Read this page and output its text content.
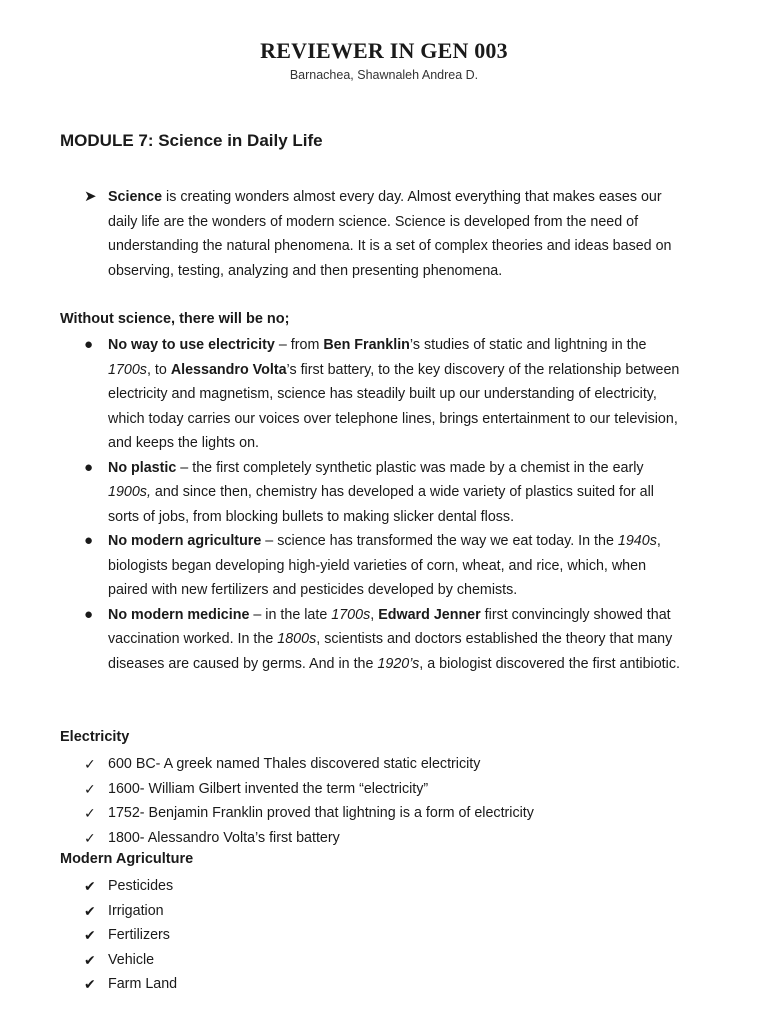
REVIEWER IN GEN 003
Barnachea, Shawnaleh Andrea D.
MODULE 7: Science in Daily Life
➤ Science is creating wonders almost every day. Almost everything that makes eases our daily life are the wonders of modern science. Science is developed from the need of understanding the natural phenomena. It is a set of complex theories and ideas based on observing, testing, analyzing and then presenting phenomena.
Without science, there will be no;
● No way to use electricity – from Ben Franklin’s studies of static and lightning in the 1700s, to Alessandro Volta’s first battery, to the key discovery of the relationship between electricity and magnetism, science has steadily built up our understanding of electricity, which today carries our voices over telephone lines, brings entertainment to our television, and keeps the lights on.
● No plastic – the first completely synthetic plastic was made by a chemist in the early 1900s, and since then, chemistry has developed a wide variety of plastics suited for all sorts of jobs, from blocking bullets to making slicker dental floss.
● No modern agriculture – science has transformed the way we eat today. In the 1940s, biologists began developing high-yield varieties of corn, wheat, and rice, which, when paired with new fertilizers and pesticides developed by chemists.
● No modern medicine – in the late 1700s, Edward Jenner first convincingly showed that vaccination worked. In the 1800s, scientists and doctors established the theory that many diseases are caused by germs. And in the 1920’s, a biologist discovered the first antibiotic.
Electricity
✓ 600 BC- A greek named Thales discovered static electricity
✓ 1600- William Gilbert invented the term “electricity”
✓ 1752- Benjamin Franklin proved that lightning is a form of electricity
✓ 1800- Alessandro Volta’s first battery
Modern Agriculture
✔ Pesticides
✔ Irrigation
✔ Fertilizers
✔ Vehicle
✔ Farm Land
